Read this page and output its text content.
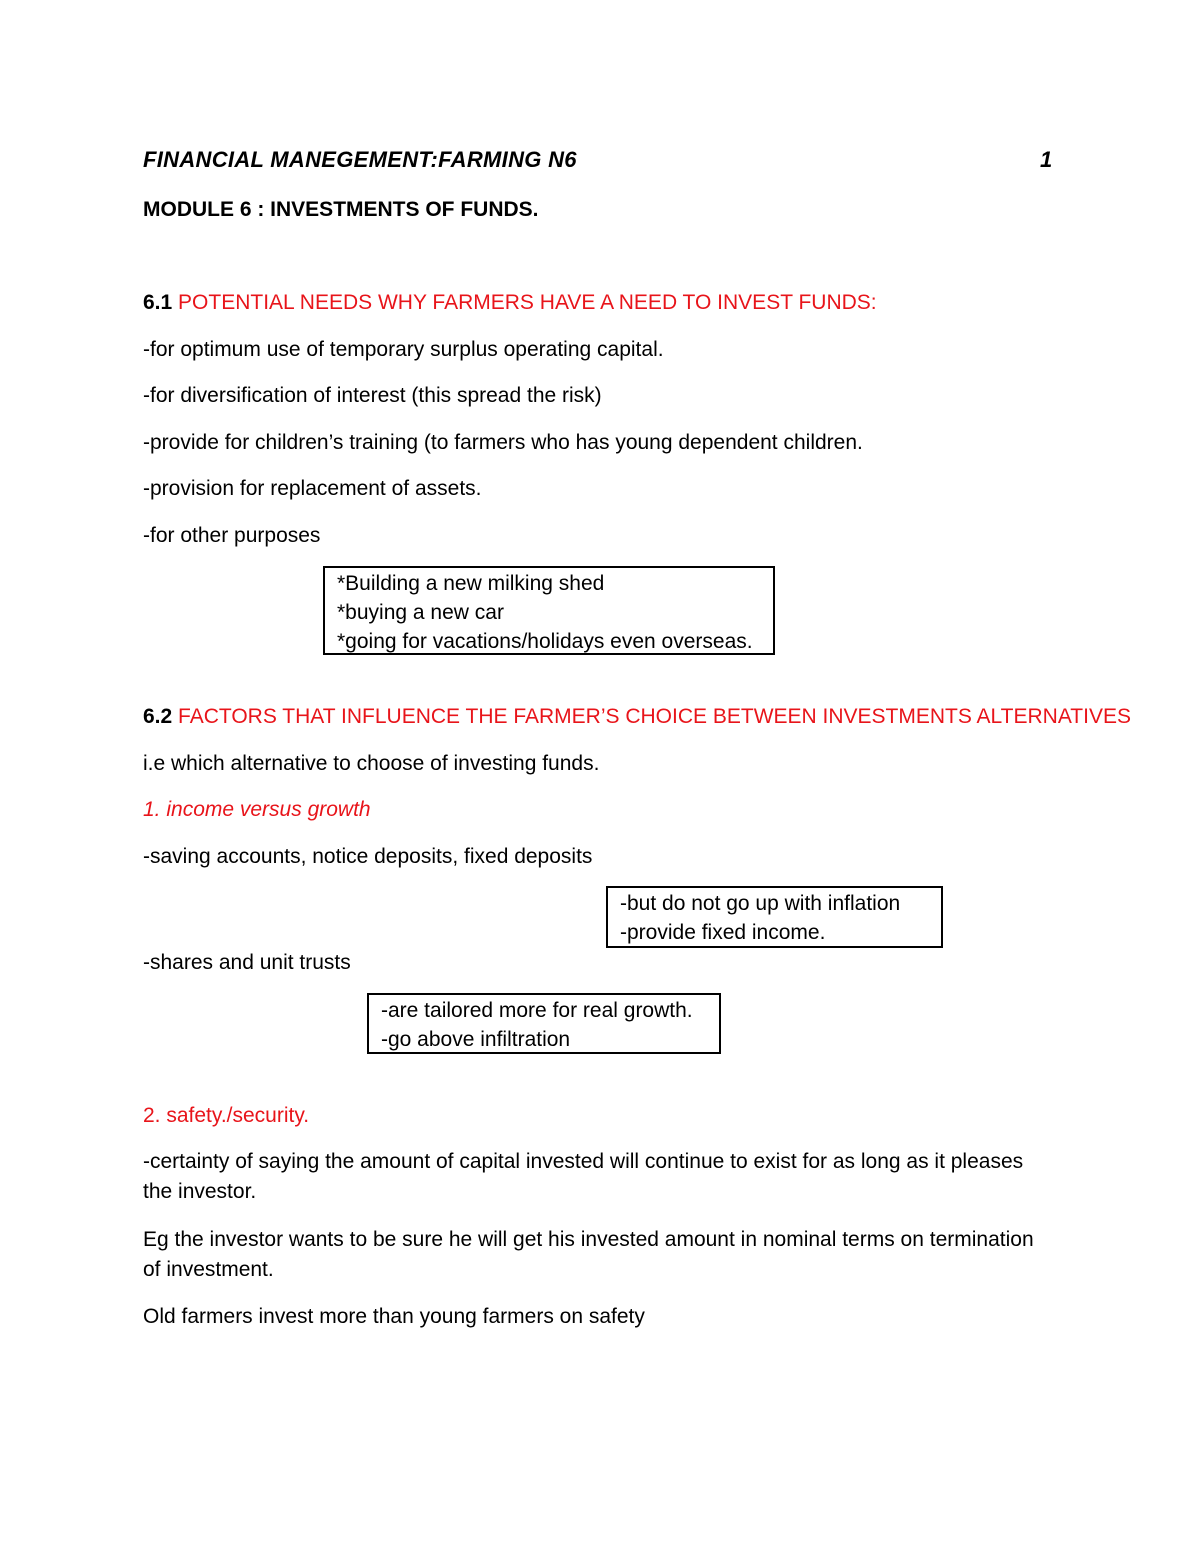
FINANCIAL MANEGEMENT:FARMING N6	1
MODULE 6 : INVESTMENTS OF FUNDS.
6.1 POTENTIAL NEEDS WHY FARMERS HAVE A NEED TO INVEST FUNDS:
-for optimum use of temporary surplus operating capital.
-for diversification of interest (this spread the risk)
-provide for children’s training (to farmers who has young dependent children.
-provision for replacement of assets.
-for other purposes
*Building a new milking shed
*buying a new car
*going for vacations/holidays even overseas.
6.2 FACTORS THAT INFLUENCE THE FARMER’S CHOICE BETWEEN INVESTMENTS ALTERNATIVES
i.e which alternative to choose of investing funds.
1. income versus growth
-saving accounts, notice deposits, fixed deposits
-but do not go up with inflation
-provide fixed income.
-shares and unit trusts
-are tailored more for real growth.
-go above infiltration
2. safety./security.
-certainty of saying the amount of capital invested will continue to exist for as long as it pleases the investor.
Eg the investor wants to be sure he will get his invested amount in nominal terms on termination of investment.
Old farmers invest more than young farmers on safety
